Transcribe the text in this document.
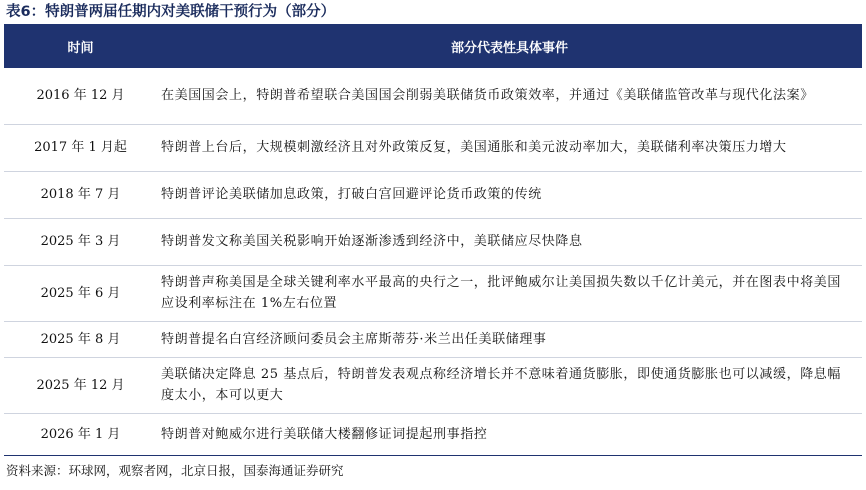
表6：特朗普两届任期内对美联储干预行为（部分）
时间	部分代表性具体事件
2016 年 12 月	在美国国会上，特朗普希望联合美国国会削弱美联储货币政策效率，并通过《美联储监管改革与现代化法案》
2017 年 1 月起	特朗普上台后，大规模刺激经济且对外政策反复，美国通胀和美元波动率加大，美联储利率决策压力增大
2018 年 7 月	特朗普评论美联储加息政策，打破白宫回避评论货币政策的传统
2025 年 3 月	特朗普发文称美国关税影响开始逐渐渗透到经济中，美联储应尽快降息
2025 年 6 月	特朗普声称美国是全球关键利率水平最高的央行之一，批评鲍威尔让美国损失数以千亿计美元，并在图表中将美国应设利率标注在 1%左右位置
2025 年 8 月	特朗普提名白宫经济顾问委员会主席斯蒂芬·米兰出任美联储理事
2025 年 12 月	美联储决定降息 25 基点后，特朗普发表观点称经济增长并不意味着通货膨胀，即使通货膨胀也可以减缓，降息幅度太小，本可以更大
2026 年 1 月	特朗普对鲍威尔进行美联储大楼翻修证词提起刑事指控
资料来源：环球网，观察者网，北京日报，国泰海通证券研究
